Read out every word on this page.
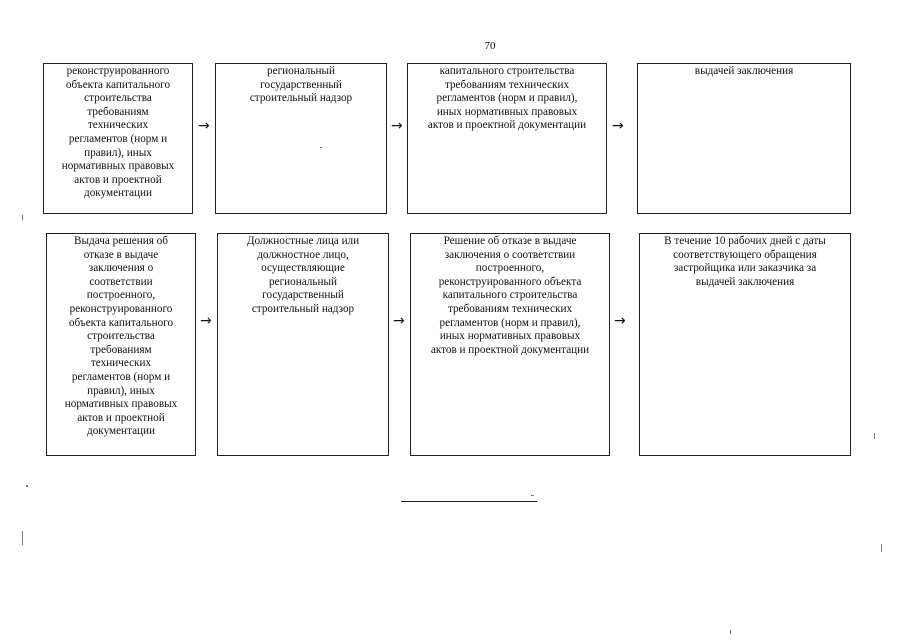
70
реконструированного
объекта капитального
строительства
требованиям
технических
регламентов (норм и
правил), иных
нормативных правовых
актов и проектной
документации
→
региональный
государственный
строительный надзор
→
капитального строительства
требованиям технических
регламентов (норм и правил),
иных нормативных правовых
актов и проектной документации	→
выдачей заключения
Выдача решения об
отказе в выдаче
заключения о
соответствии
построенного,
реконструированного
объекта капитального
строительства
требованиям
технических
регламентов (норм и
правил), иных
нормативных правовых
актов и проектной
документации
→
Должностные лица или
должностное лицо,
осуществляющие
региональный
государственный
строительный надзор
→
Решение об отказе в выдаче
заключения о соответствии
построенного,
реконструированного объекта
капитального строительства
требованиям технических
регламентов (норм и правил),
иных нормативных правовых
актов и проектной документации
→
В течение 10 рабочих дней с даты
соответствующего обращения
застройщика или заказчика за
выдачей заключения
